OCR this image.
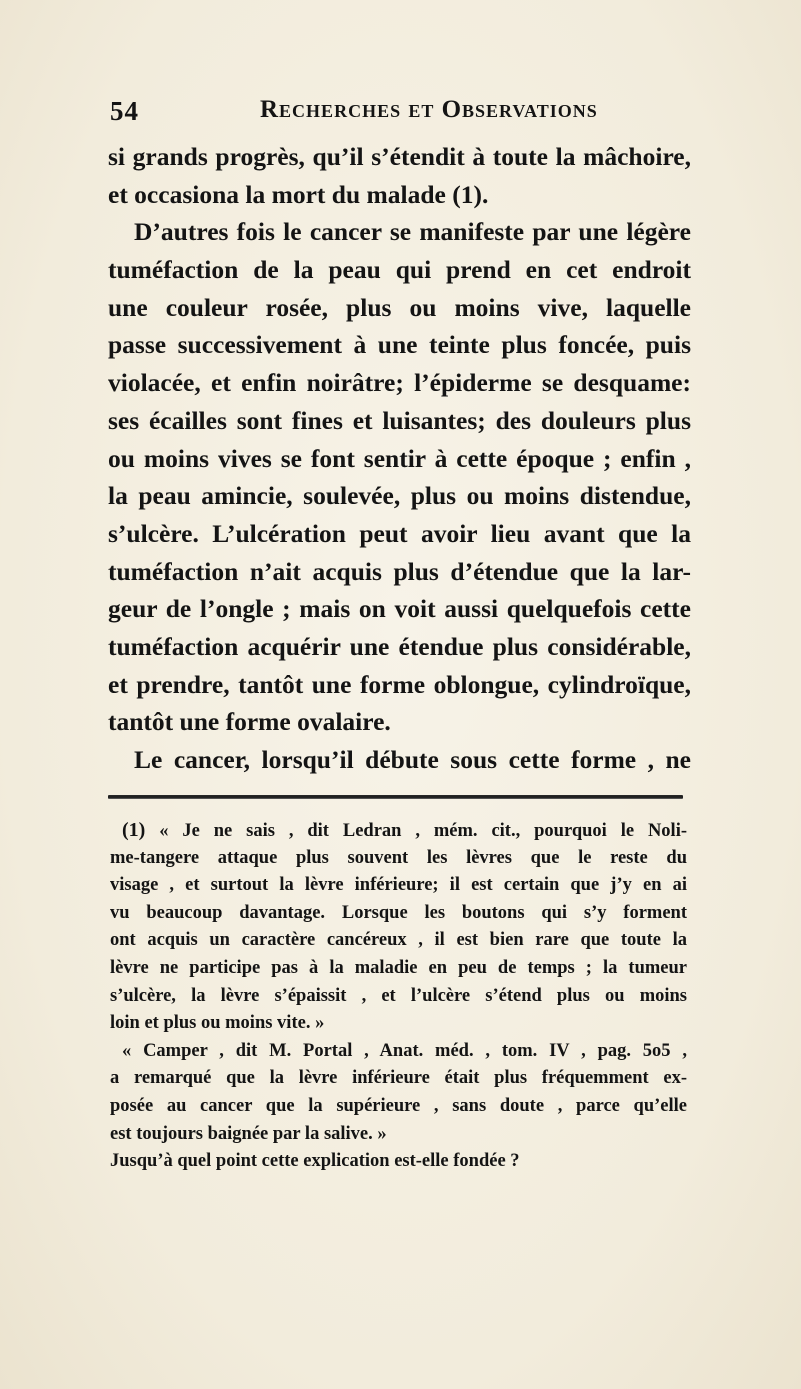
54	Recherches et Observations
si grands progrès, qu’il s’étendit à toute la mâchoire,
et occasiona la mort du malade (1).
D’autres fois le cancer se manifeste par une légère
tuméfaction de la peau qui prend en cet endroit
une couleur rosée, plus ou moins vive, laquelle
passe successivement à une teinte plus foncée, puis
violacée, et enfin noirâtre; l’épiderme se desquame:
ses écailles sont fines et luisantes; des douleurs plus
ou moins vives se font sentir à cette époque ; enfin ,
la peau amincie, soulevée, plus ou moins distendue,
s’ulcère. L’ulcération peut avoir lieu avant que la
tuméfaction n’ait acquis plus d’étendue que la lar-
geur de l’ongle ; mais on voit aussi quelquefois cette
tuméfaction acquérir une étendue plus considérable,
et prendre, tantôt une forme oblongue, cylindroïque,
tantôt une forme ovalaire.
Le cancer, lorsqu’il débute sous cette forme , ne
(1) « Je ne sais , dit Ledran , mém. cit., pourquoi le Noli-
me-tangere attaque plus souvent les lèvres que le reste du
visage , et surtout la lèvre inférieure; il est certain que j’y en ai
vu beaucoup davantage. Lorsque les boutons qui s’y forment
ont acquis un caractère cancéreux , il est bien rare que toute la
lèvre ne participe pas à la maladie en peu de temps ; la tumeur
s’ulcère, la lèvre s’épaissit , et l’ulcère s’étend plus ou moins
loin et plus ou moins vite. »
« Camper , dit M. Portal , Anat. méd. , tom. IV , pag. 5o5 ,
a remarqué que la lèvre inférieure était plus fréquemment ex-
posée au cancer que la supérieure , sans doute , parce qu’elle
est toujours baignée par la salive. »
Jusqu’à quel point cette explication est-elle fondée ?
